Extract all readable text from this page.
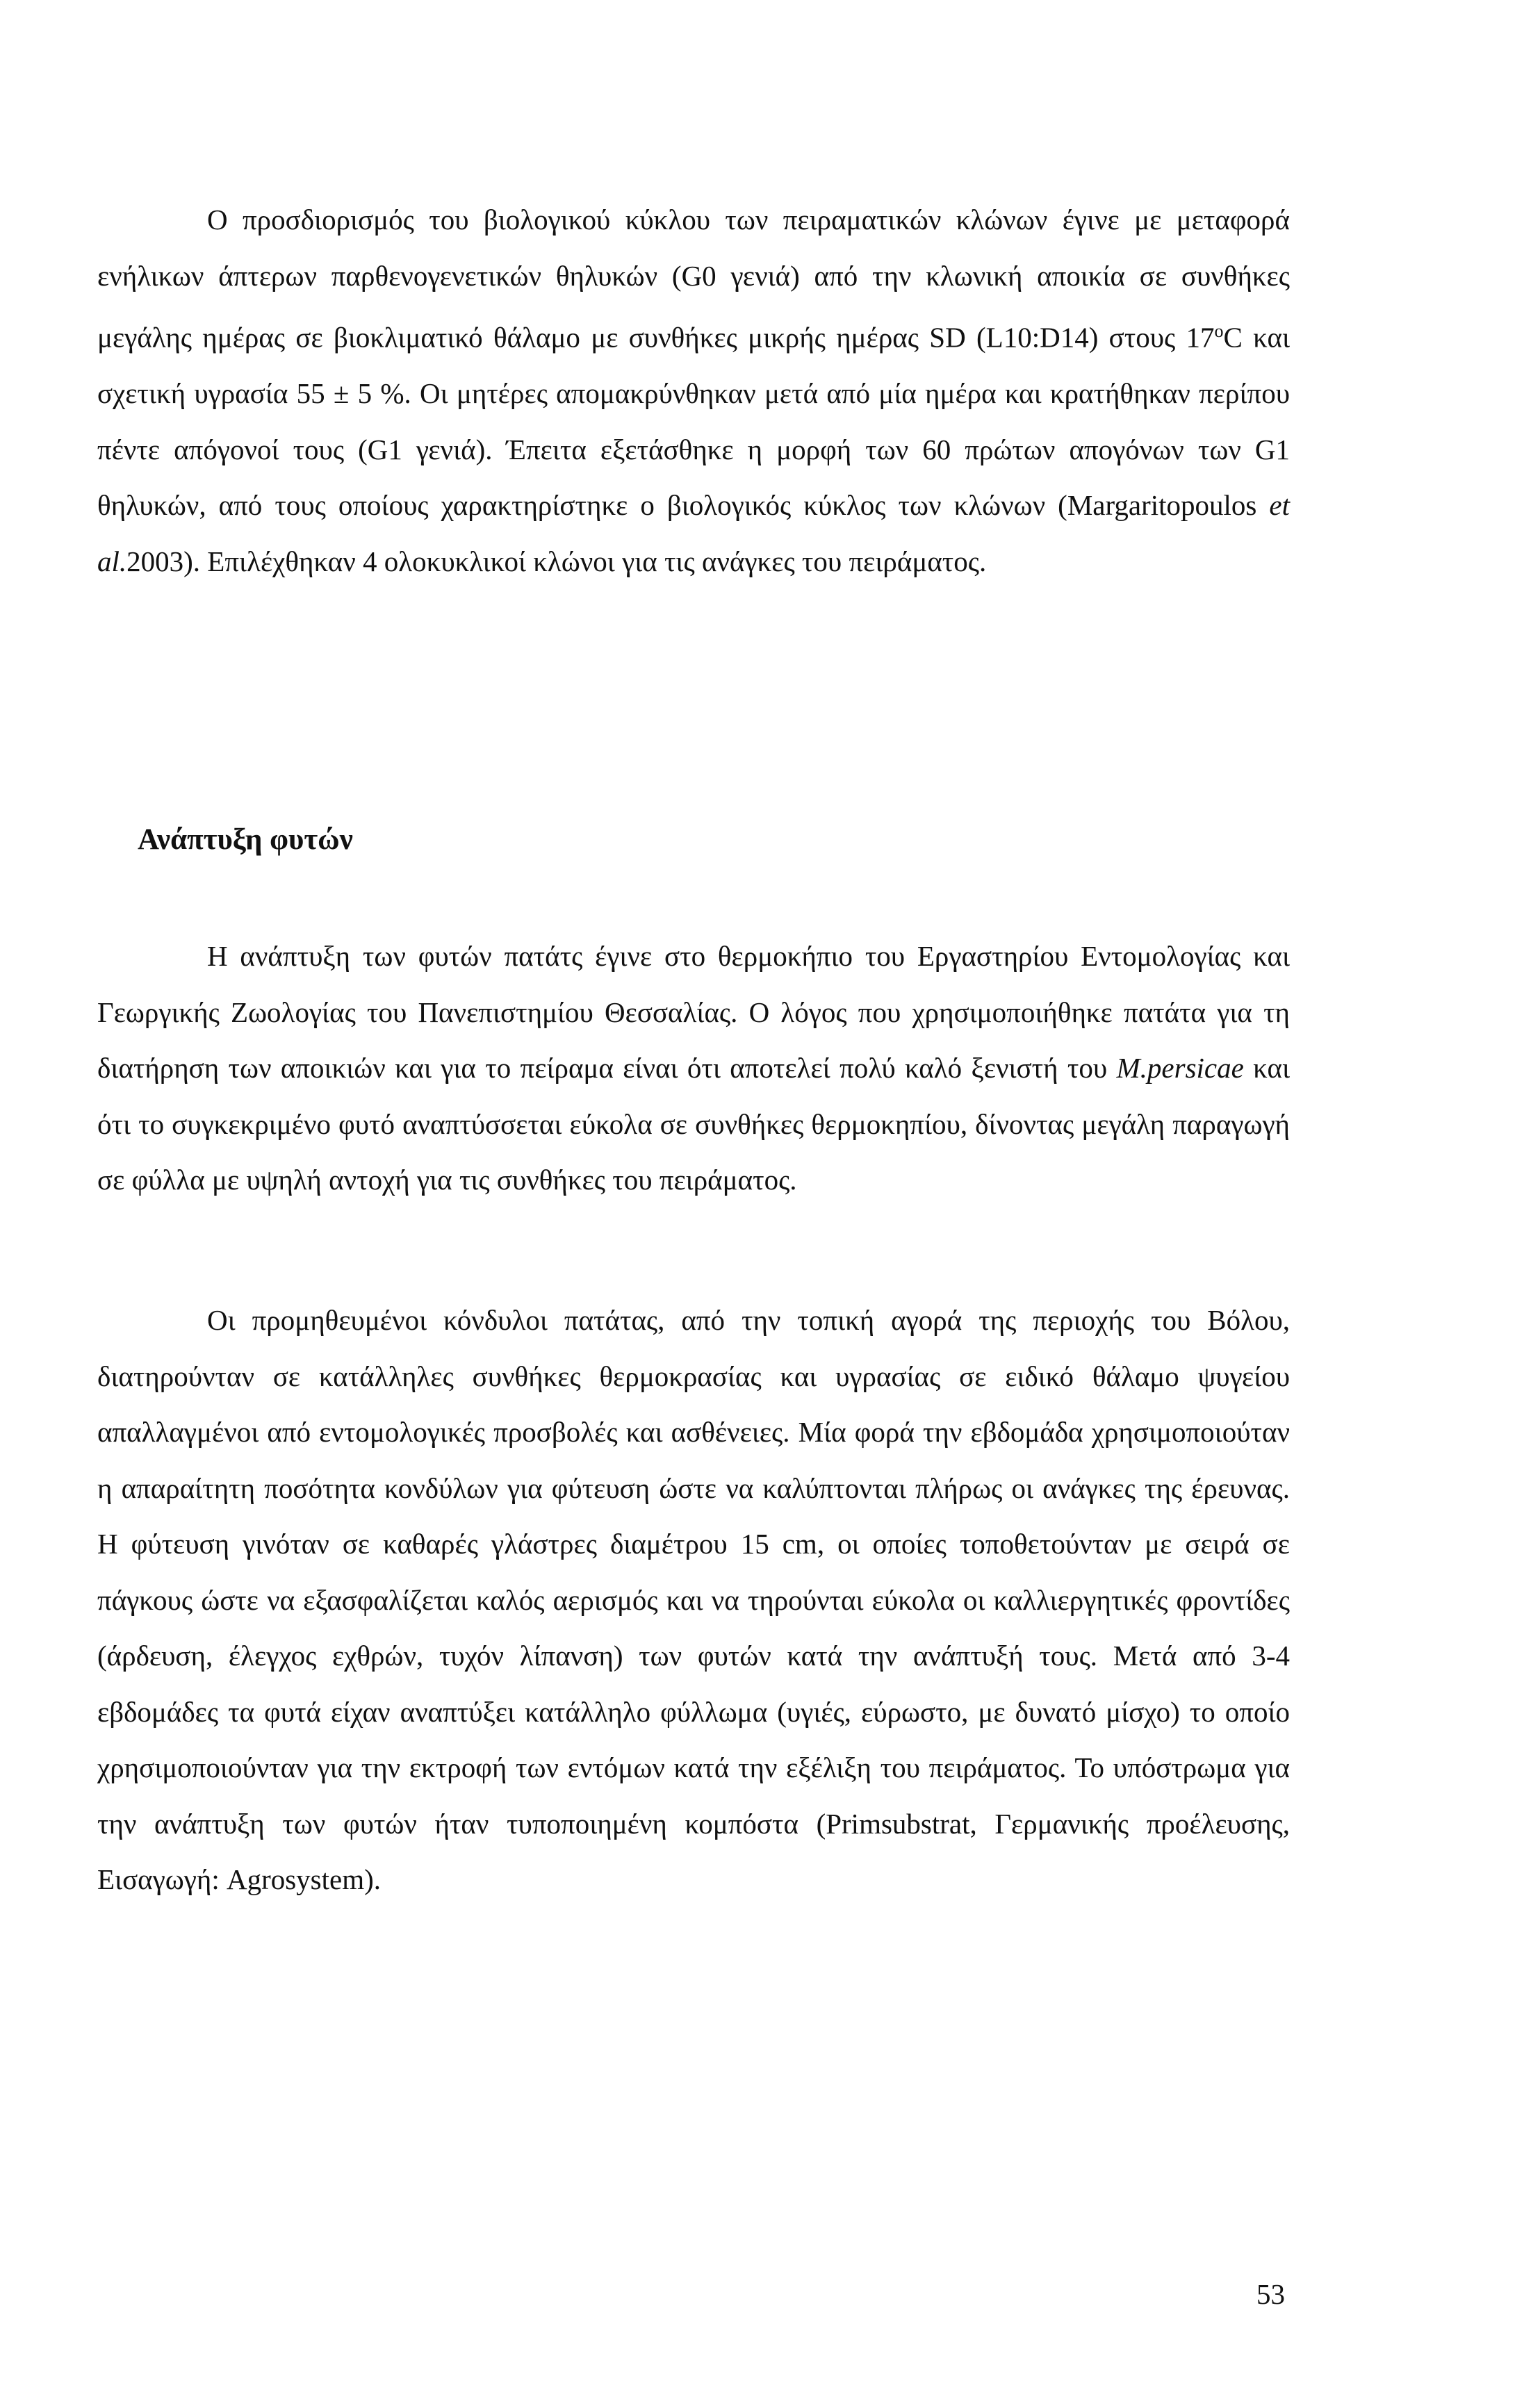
Ο προσδιορισμός του βιολογικού κύκλου των πειραματικών κλώνων έγινε με μεταφορά ενήλικων άπτερων παρθενογενετικών θηλυκών (G0 γενιά) από την κλωνική αποικία σε συνθήκες μεγάλης ημέρας σε βιοκλιματικό θάλαμο με συνθήκες μικρής ημέρας SD (L10:D14) στους 17$^o$C και σχετική υγρασία 55 ± 5 %. Οι μητέρες απομακρύνθηκαν μετά από μία ημέρα και κρατήθηκαν περίπου πέντε απόγονοί τους (G1 γενιά). Έπειτα εξετάσθηκε η μορφή των 60 πρώτων απογόνων των G1 θηλυκών, από τους οποίους χαρακτηρίστηκε ο βιολογικός κύκλος των κλώνων (Margaritopoulos et al.2003). Επιλέχθηκαν 4 ολοκυκλικοί κλώνοι για τις ανάγκες του πειράματος.

Ανάπτυξη φυτών

Η ανάπτυξη των φυτών πατάτς έγινε στο θερμοκήπιο του Εργαστηρίου Εντομολογίας και Γεωργικής Ζωολογίας του Πανεπιστημίου Θεσσαλίας. Ο λόγος που χρησιμοποιήθηκε πατάτα για τη διατήρηση των αποικιών και για το πείραμα είναι ότι αποτελεί πολύ καλό ξενιστή του M.persicae και ότι το συγκεκριμένο φυτό αναπτύσσεται εύκολα σε συνθήκες θερμοκηπίου, δίνοντας μεγάλη παραγωγή σε φύλλα με υψηλή αντοχή για τις συνθήκες του πειράματος.

Οι προμηθευμένοι κόνδυλοι πατάτας, από την τοπική αγορά της περιοχής του Βόλου, διατηρούνταν σε κατάλληλες συνθήκες θερμοκρασίας και υγρασίας σε ειδικό θάλαμο ψυγείου απαλλαγμένοι από εντομολογικές προσβολές και ασθένειες. Μία φορά την εβδομάδα χρησιμοποιούταν η απαραίτητη ποσότητα κονδύλων για φύτευση ώστε να καλύπτονται πλήρως οι ανάγκες της έρευνας. Η φύτευση γινόταν σε καθαρές γλάστρες διαμέτρου 15 cm, οι οποίες τοποθετούνταν με σειρά σε πάγκους ώστε να εξασφαλίζεται καλός αερισμός και να τηρούνται εύκολα οι καλλιεργητικές φροντίδες (άρδευση, έλεγχος εχθρών, τυχόν λίπανση) των φυτών κατά την ανάπτυξή τους. Μετά από 3-4 εβδομάδες τα φυτά είχαν αναπτύξει κατάλληλο φύλλωμα (υγιές, εύρωστο, με δυνατό μίσχο) το οποίο χρησιμοποιούνταν για την εκτροφή των εντόμων κατά την εξέλιξη του πειράματος. Το υπόστρωμα για την ανάπτυξη των φυτών ήταν τυποποιημένη κομπόστα (Primsubstrat, Γερμανικής προέλευσης, Εισαγωγή: Agrosystem).

53
